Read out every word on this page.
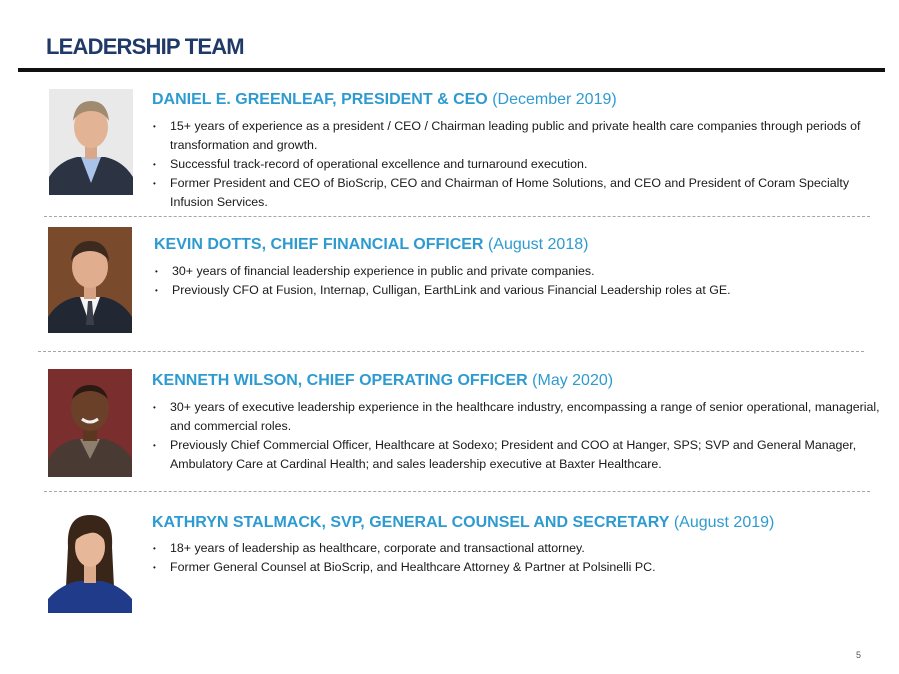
LEADERSHIP TEAM
DANIEL E. GREENLEAF, PRESIDENT & CEO (December 2019)
• 15+ years of experience as a president / CEO / Chairman leading public and private health care companies through periods of transformation and growth.
• Successful track-record of operational excellence and turnaround execution.
• Former President and CEO of BioScrip, CEO and Chairman of Home Solutions, and CEO and President of Coram Specialty Infusion Services.
KEVIN DOTTS, CHIEF FINANCIAL OFFICER (August 2018)
• 30+ years of financial leadership experience in public and private companies.
• Previously CFO at Fusion, Internap, Culligan, EarthLink and various Financial Leadership roles at GE.
KENNETH WILSON, CHIEF OPERATING OFFICER (May 2020)
• 30+ years of executive leadership experience in the healthcare industry, encompassing a range of senior operational, managerial, and commercial roles.
• Previously Chief Commercial Officer, Healthcare at Sodexo; President and COO at Hanger, SPS; SVP and General Manager, Ambulatory Care at Cardinal Health; and sales leadership executive at Baxter Healthcare.
KATHRYN STALMACK, SVP, GENERAL COUNSEL AND SECRETARY (August 2019)
• 18+ years of leadership as healthcare, corporate and transactional attorney.
• Former General Counsel at BioScrip, and Healthcare Attorney & Partner at Polsinelli PC.
5
